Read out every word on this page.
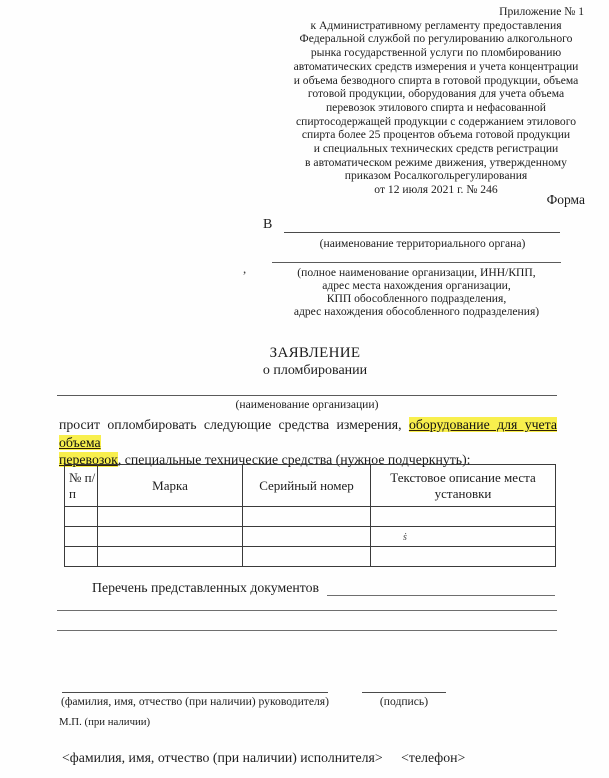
Приложение № 1
к Административному регламенту предоставления
Федеральной службой по регулированию алкогольного
рынка государственной услуги по пломбированию
автоматических средств измерения и учета концентрации
и объема безводного спирта в готовой продукции, объема
готовой продукции, оборудования для учета объема
перевозок этилового спирта и нефасованной
спиртосодержащей продукции с содержанием этилового
спирта более 25 процентов объема готовой продукции
и специальных технических средств регистрации
в автоматическом режиме движения, утвержденному
приказом Росалкогольрегулирования
от 12 июля 2021 г. № 246
Форма
В
(наименование территориального органа)
,	(полное наименование организации, ИНН/КПП,
адрес места нахождения организации,
КПП обособленного подразделения,
адрес нахождения обособленного подразделения)
ЗАЯВЛЕНИЕ
о пломбировании
(наименование организации)
просит опломбировать следующие средства измерения, оборудование для учета объема
перевозок, специальные технические средства (нужное подчеркнуть):
№ п/п	Марка	Серийный номер	Текстовое описание места установки

			ṡ

Перечень представленных документов
(фамилия, имя, отчество (при наличии) руководителя)	(подпись)
М.П. (при наличии)
<фамилия, имя, отчество (при наличии) исполнителя> <телефон>
